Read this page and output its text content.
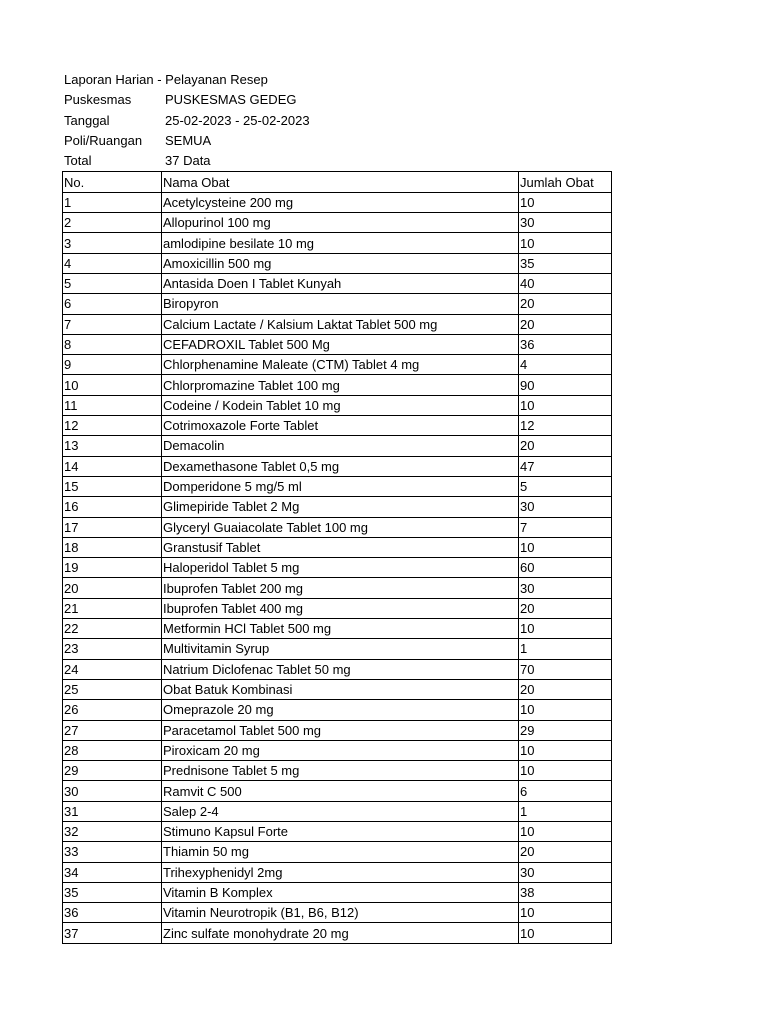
Laporan Harian - Pelayanan Resep
Puskesmas	PUSKESMAS GEDEG
Tanggal	25-02-2023 - 25-02-2023
Poli/Ruangan	SEMUA
Total	37 Data
No.	Nama Obat	Jumlah Obat
1	Acetylcysteine 200 mg	10
2	Allopurinol 100 mg	30
3	amlodipine besilate 10 mg	10
4	Amoxicillin 500 mg	35
5	Antasida Doen I Tablet Kunyah	40
6	Biropyron	20
7	Calcium Lactate / Kalsium Laktat Tablet 500 mg	20
8	CEFADROXIL Tablet 500 Mg	36
9	Chlorphenamine Maleate (CTM) Tablet 4 mg	4
10	Chlorpromazine Tablet 100 mg	90
11	Codeine / Kodein Tablet 10 mg	10
12	Cotrimoxazole Forte Tablet	12
13	Demacolin	20
14	Dexamethasone Tablet 0,5 mg	47
15	Domperidone 5 mg/5 ml	5
16	Glimepiride Tablet 2 Mg	30
17	Glyceryl Guaiacolate Tablet 100 mg	7
18	Granstusif Tablet	10
19	Haloperidol Tablet 5 mg	60
20	Ibuprofen Tablet 200 mg	30
21	Ibuprofen Tablet 400 mg	20
22	Metformin HCl Tablet 500 mg	10
23	Multivitamin Syrup	1
24	Natrium Diclofenac Tablet 50 mg	70
25	Obat Batuk Kombinasi	20
26	Omeprazole 20 mg	10
27	Paracetamol Tablet 500 mg	29
28	Piroxicam 20 mg	10
29	Prednisone Tablet 5 mg	10
30	Ramvit C 500	6
31	Salep 2-4	1
32	Stimuno Kapsul Forte	10
33	Thiamin 50 mg	20
34	Trihexyphenidyl 2mg	30
35	Vitamin B Komplex	38
36	Vitamin Neurotropik (B1, B6, B12)	10
37	Zinc sulfate monohydrate 20 mg	10
